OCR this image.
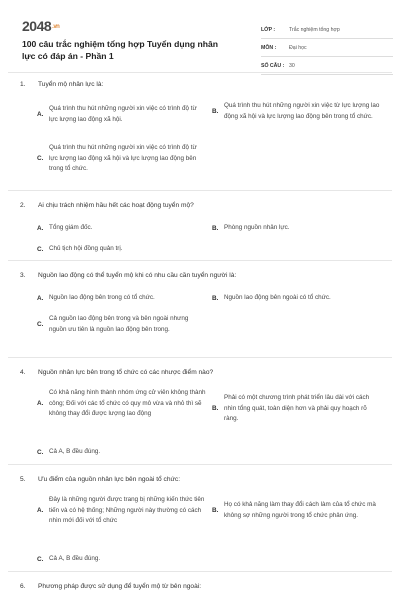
2048.vn
100 câu trắc nghiệm tổng hợp Tuyển dụng nhân lực có đáp án - Phần 1
LỚP :	Trắc nghiệm tổng hợp
MÔN :	Đại học
SỐ CÂU : 30
1. Tuyển mộ nhân lực là:
A.
Quá trình thu hút những người xin việc có trình độ từ lực lượng lao động xã hội.
B.
Quá trình thu hút những người xin việc từ lực lượng lao động xã hội và lực lượng lao động bên trong tổ chức.
C.
Quá trình thu hút những người xin việc có trình độ từ lực lượng lao động xã hội và lực lượng lao động bên trong tổ chức.
2. Ai chịu trách nhiệm hầu hết các hoạt động tuyển mộ?
A. Tổng giám đốc.	B. Phòng nguồn nhân lực.
C. Chủ tịch hội đồng quản trị.
3. Nguồn lao động có thể tuyển mộ khi có nhu cầu cần tuyển người là:
A. Nguồn lao động bên trong có tổ chức.	B. Nguồn lao động bên ngoài có tổ chức.
C.
Cả nguồn lao động bên trong và bên ngoài nhưng nguồn ưu tiên là nguồn lao động bên trong.
4. Nguồn nhân lực bên trong tổ chức có các nhược điểm nào?
A.
Có khả năng hình thành nhóm ứng cử viên không thành công; Đối với các tổ chức có quy mô vừa và nhỏ thì sẽ không thay đổi được lượng lao động
B.
Phải có một chương trình phát triển lâu dài với cách nhìn tổng quát, toàn diện hơn và phải quy hoạch rõ ràng.
C. Cả A, B đều đúng.
5. Ưu điểm của nguồn nhân lực bên ngoài tổ chức:
A.
Đây là những người được trang bị những kiến thức tiên tiến và có hệ thống; Những người này thường có cách nhìn mới đối với tổ chức
B.
Họ có khả năng làm thay đổi cách làm của tổ chức mà không sợ những người trong tổ chức phản ứng.
C. Cả A, B đều đúng.
6. Phương pháp được sử dụng để tuyển mộ từ bên ngoài:
